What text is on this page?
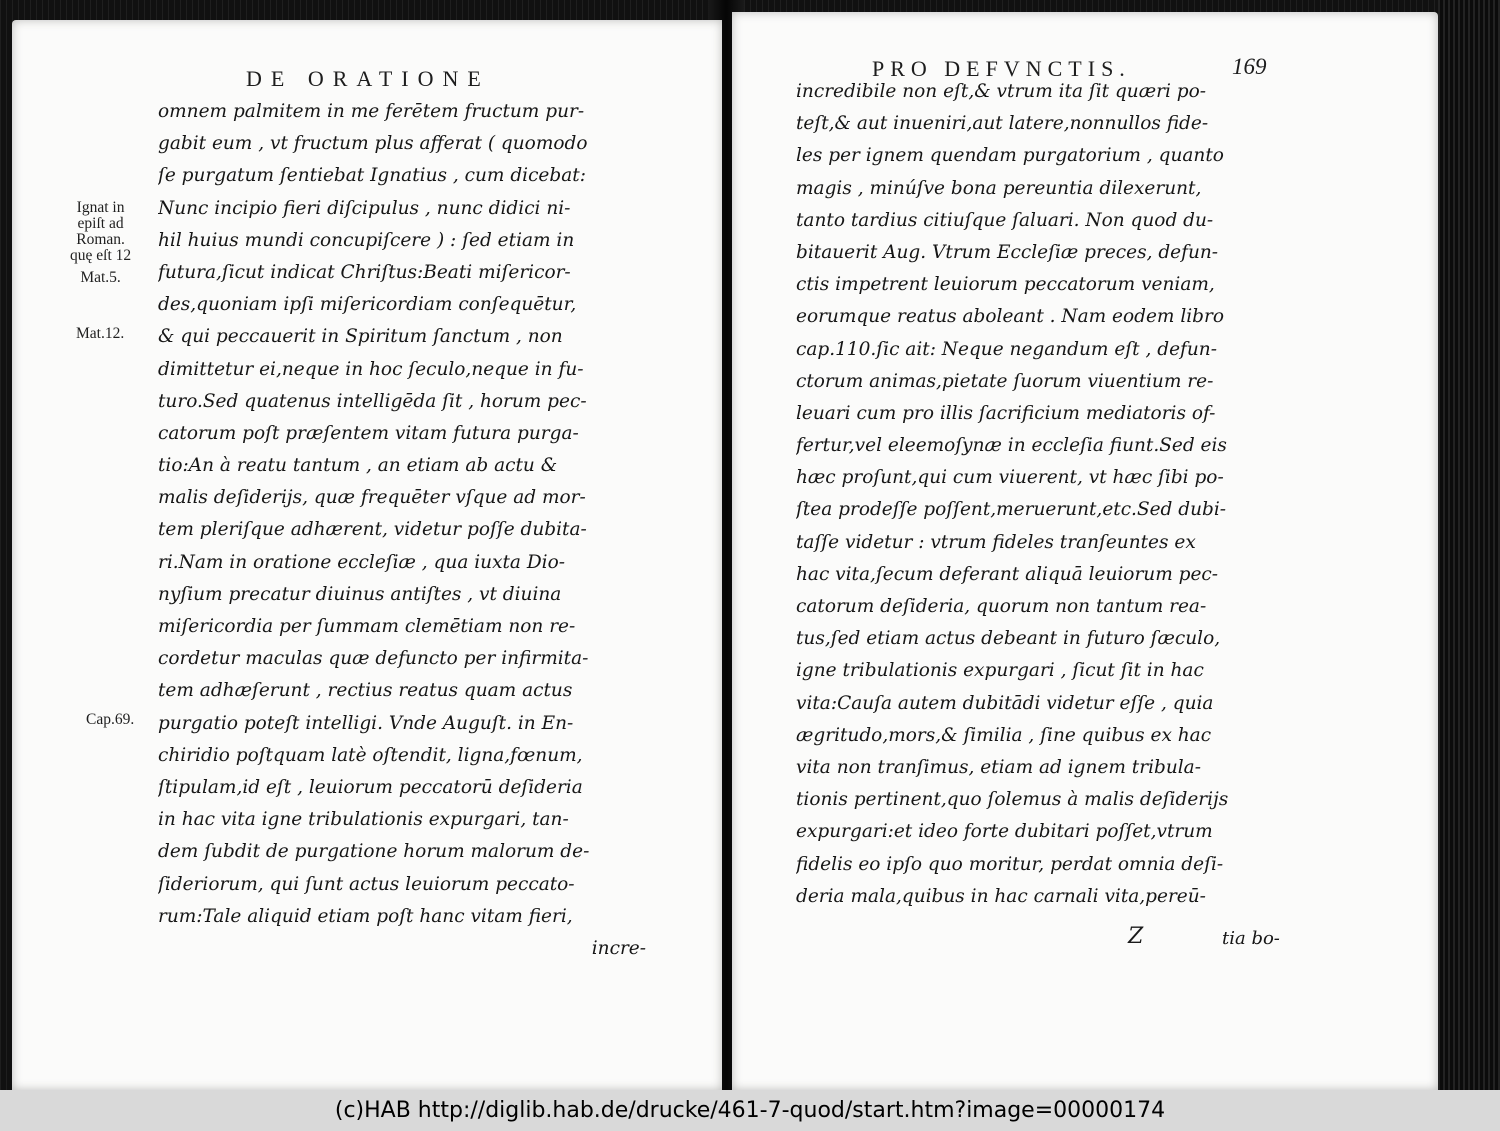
DE ORATIONE	PRO DEFVNCTIS.	169
omnem palmitem in me ferētem fructum pur-
gabit eum , vt fructum plus afferat ( quomodo
ſe purgatum ſentiebat Ignatius , cum dicebat:
Nunc incipio fieri diſcipulus , nunc didici ni-
hil huius mundi concupiſcere ) : ſed etiam in
futura,ſicut indicat Chriſtus:Beati miſericor-
des,quoniam ipſi miſericordiam conſequētur,
& qui peccauerit in Spiritum ſanctum , non
dimittetur ei,neque in hoc ſeculo,neque in fu-
turo.Sed quatenus intelligēda ſit , horum pec-
catorum poſt præſentem vitam futura purga-
tio:An à reatu tantum , an etiam ab actu &
malis deſiderijs, quæ frequēter vſque ad mor-
tem pleriſque adhærent, videtur poſſe dubita-
ri.Nam in oratione eccleſiæ , qua iuxta Dio-
nyſium precatur diuinus antiſtes , vt diuina
miſericordia per ſummam clemētiam non re-
cordetur maculas quæ defuncto per infirmita-
tem adhæſerunt , rectius reatus quam actus
purgatio poteſt intelligi. Vnde Auguſt. in En-
chiridio poſtquam latè oſtendit, ligna,fœnum,
ſtipulam,id eſt , leuiorum peccatorū deſideria
in hac vita igne tribulationis expurgari, tan-
dem ſubdit de purgatione horum malorum de-
ſideriorum, qui ſunt actus leuiorum peccato-
rum:Tale aliquid etiam poſt hanc vitam fieri,
incre-
Ignat in
epiſt ad
Roman.
quę eſt 12
Mat.5.
Mat.12.
Cap.69.
incredibile non eſt,& vtrum ita ſit quæri po-
teſt,& aut inueniri,aut latere,nonnullos fide-
les per ignem quendam purgatorium , quanto
magis , minúſve bona pereuntia dilexerunt,
tanto tardius citiuſque ſaluari. Non quod du-
bitauerit Aug. Vtrum Eccleſiæ preces, defun-
ctis impetrent leuiorum peccatorum veniam,
eorumque reatus aboleant . Nam eodem libro
cap.110.ſic ait: Neque negandum eſt , defun-
ctorum animas,pietate ſuorum viuentium re-
leuari cum pro illis ſacrificium mediatoris of-
fertur,vel eleemoſynæ in eccleſia fiunt.Sed eis
hæc proſunt,qui cum viuerent, vt hæc ſibi po-
ſtea prodeſſe poſſent,meruerunt,etc.Sed dubi-
taſſe videtur : vtrum fideles tranſeuntes ex
hac vita,ſecum deferant aliquā leuiorum pec-
catorum deſideria, quorum non tantum rea-
tus,ſed etiam actus debeant in futuro ſæculo,
igne tribulationis expurgari , ſicut ſit in hac
vita:Cauſa autem dubitādi videtur eſſe , quia
ægritudo,mors,& ſimilia , ſine quibus ex hac
vita non tranſimus, etiam ad ignem tribula-
tionis pertinent,quo ſolemus à malis deſiderijs
expurgari:et ideo forte dubitari poſſet,vtrum
fidelis eo ipſo quo moritur, perdat omnia deſi-
deria mala,quibus in hac carnali vita,pereū-
Z	tia bo-
(c)HAB http://diglib.hab.de/drucke/461-7-quod/start.htm?image=00000174
